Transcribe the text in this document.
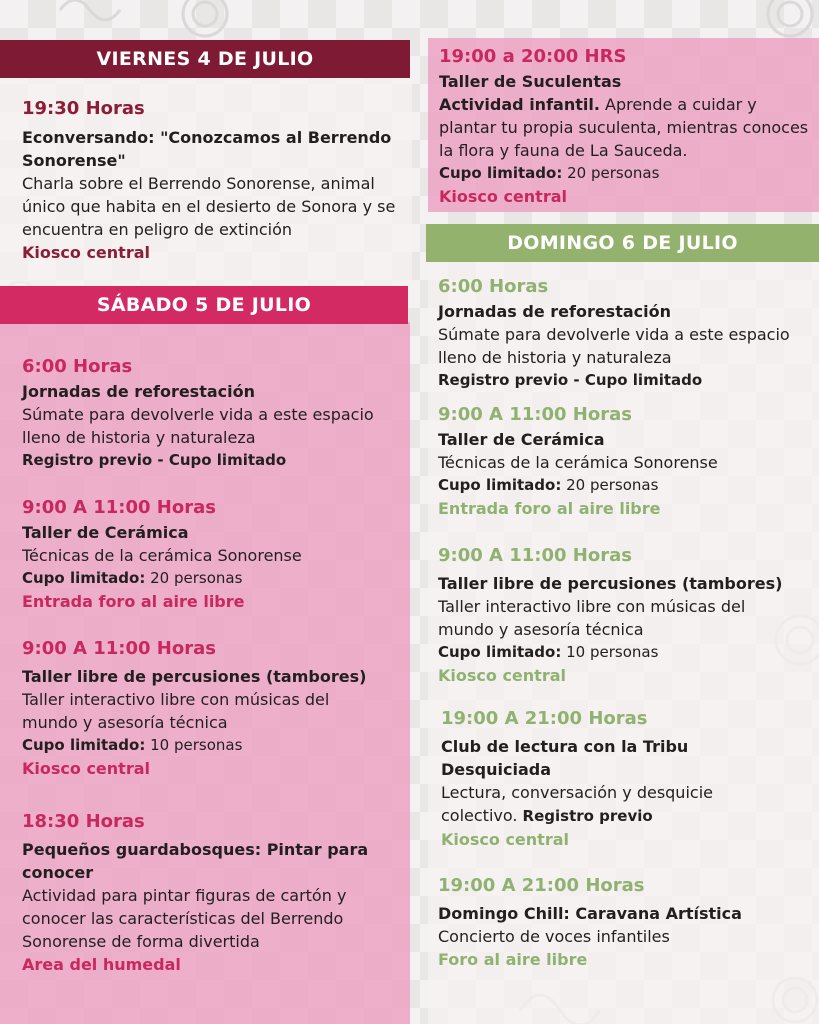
VIERNES 4 DE JULIO
SÁBADO 5 DE JULIO
DOMINGO 6 DE JULIO
19:30 Horas
Econversando: "Conozcamos al Berrendo Sonorense"
Charla sobre el Berrendo Sonorense, animal único que habita en el desierto de Sonora y se encuentra en peligro de extinción
Kiosco central
6:00 Horas
Jornadas de reforestación
Súmate para devolverle vida a este espacio lleno de historia y naturaleza
Registro previo - Cupo limitado
9:00 A 11:00 Horas
Taller de Cerámica
Técnicas de la cerámica Sonorense
Cupo limitado: 20 personas
Entrada foro al aire libre
9:00 A 11:00 Horas
Taller libre de percusiones (tambores)
Taller interactivo libre con músicas del mundo y asesoría técnica
Cupo limitado: 10 personas
Kiosco central
18:30 Horas
Pequeños guardabosques: Pintar para conocer
Actividad para pintar figuras de cartón y conocer las características del Berrendo Sonorense de forma divertida
Area del humedal
19:00 a 20:00 HRS
Taller de Suculentas
Actividad infantil. Aprende a cuidar y plantar tu propia suculenta, mientras conoces la flora y fauna de La Sauceda.
Cupo limitado: 20 personas
Kiosco central
6:00 Horas
Jornadas de reforestación
Súmate para devolverle vida a este espacio lleno de historia y naturaleza
Registro previo - Cupo limitado
9:00 A 11:00 Horas
Taller de Cerámica
Técnicas de la cerámica Sonorense
Cupo limitado: 20 personas
Entrada foro al aire libre
9:00 A 11:00 Horas
Taller libre de percusiones (tambores)
Taller interactivo libre con músicas del mundo y asesoría técnica
Cupo limitado: 10 personas
Kiosco central
19:00 A 21:00 Horas
Club de lectura con la Tribu Desquiciada
Lectura, conversación y desquicie colectivo. Registro previo
Kiosco central
19:00 A 21:00 Horas
Domingo Chill: Caravana Artística
Concierto de voces infantiles
Foro al aire libre
